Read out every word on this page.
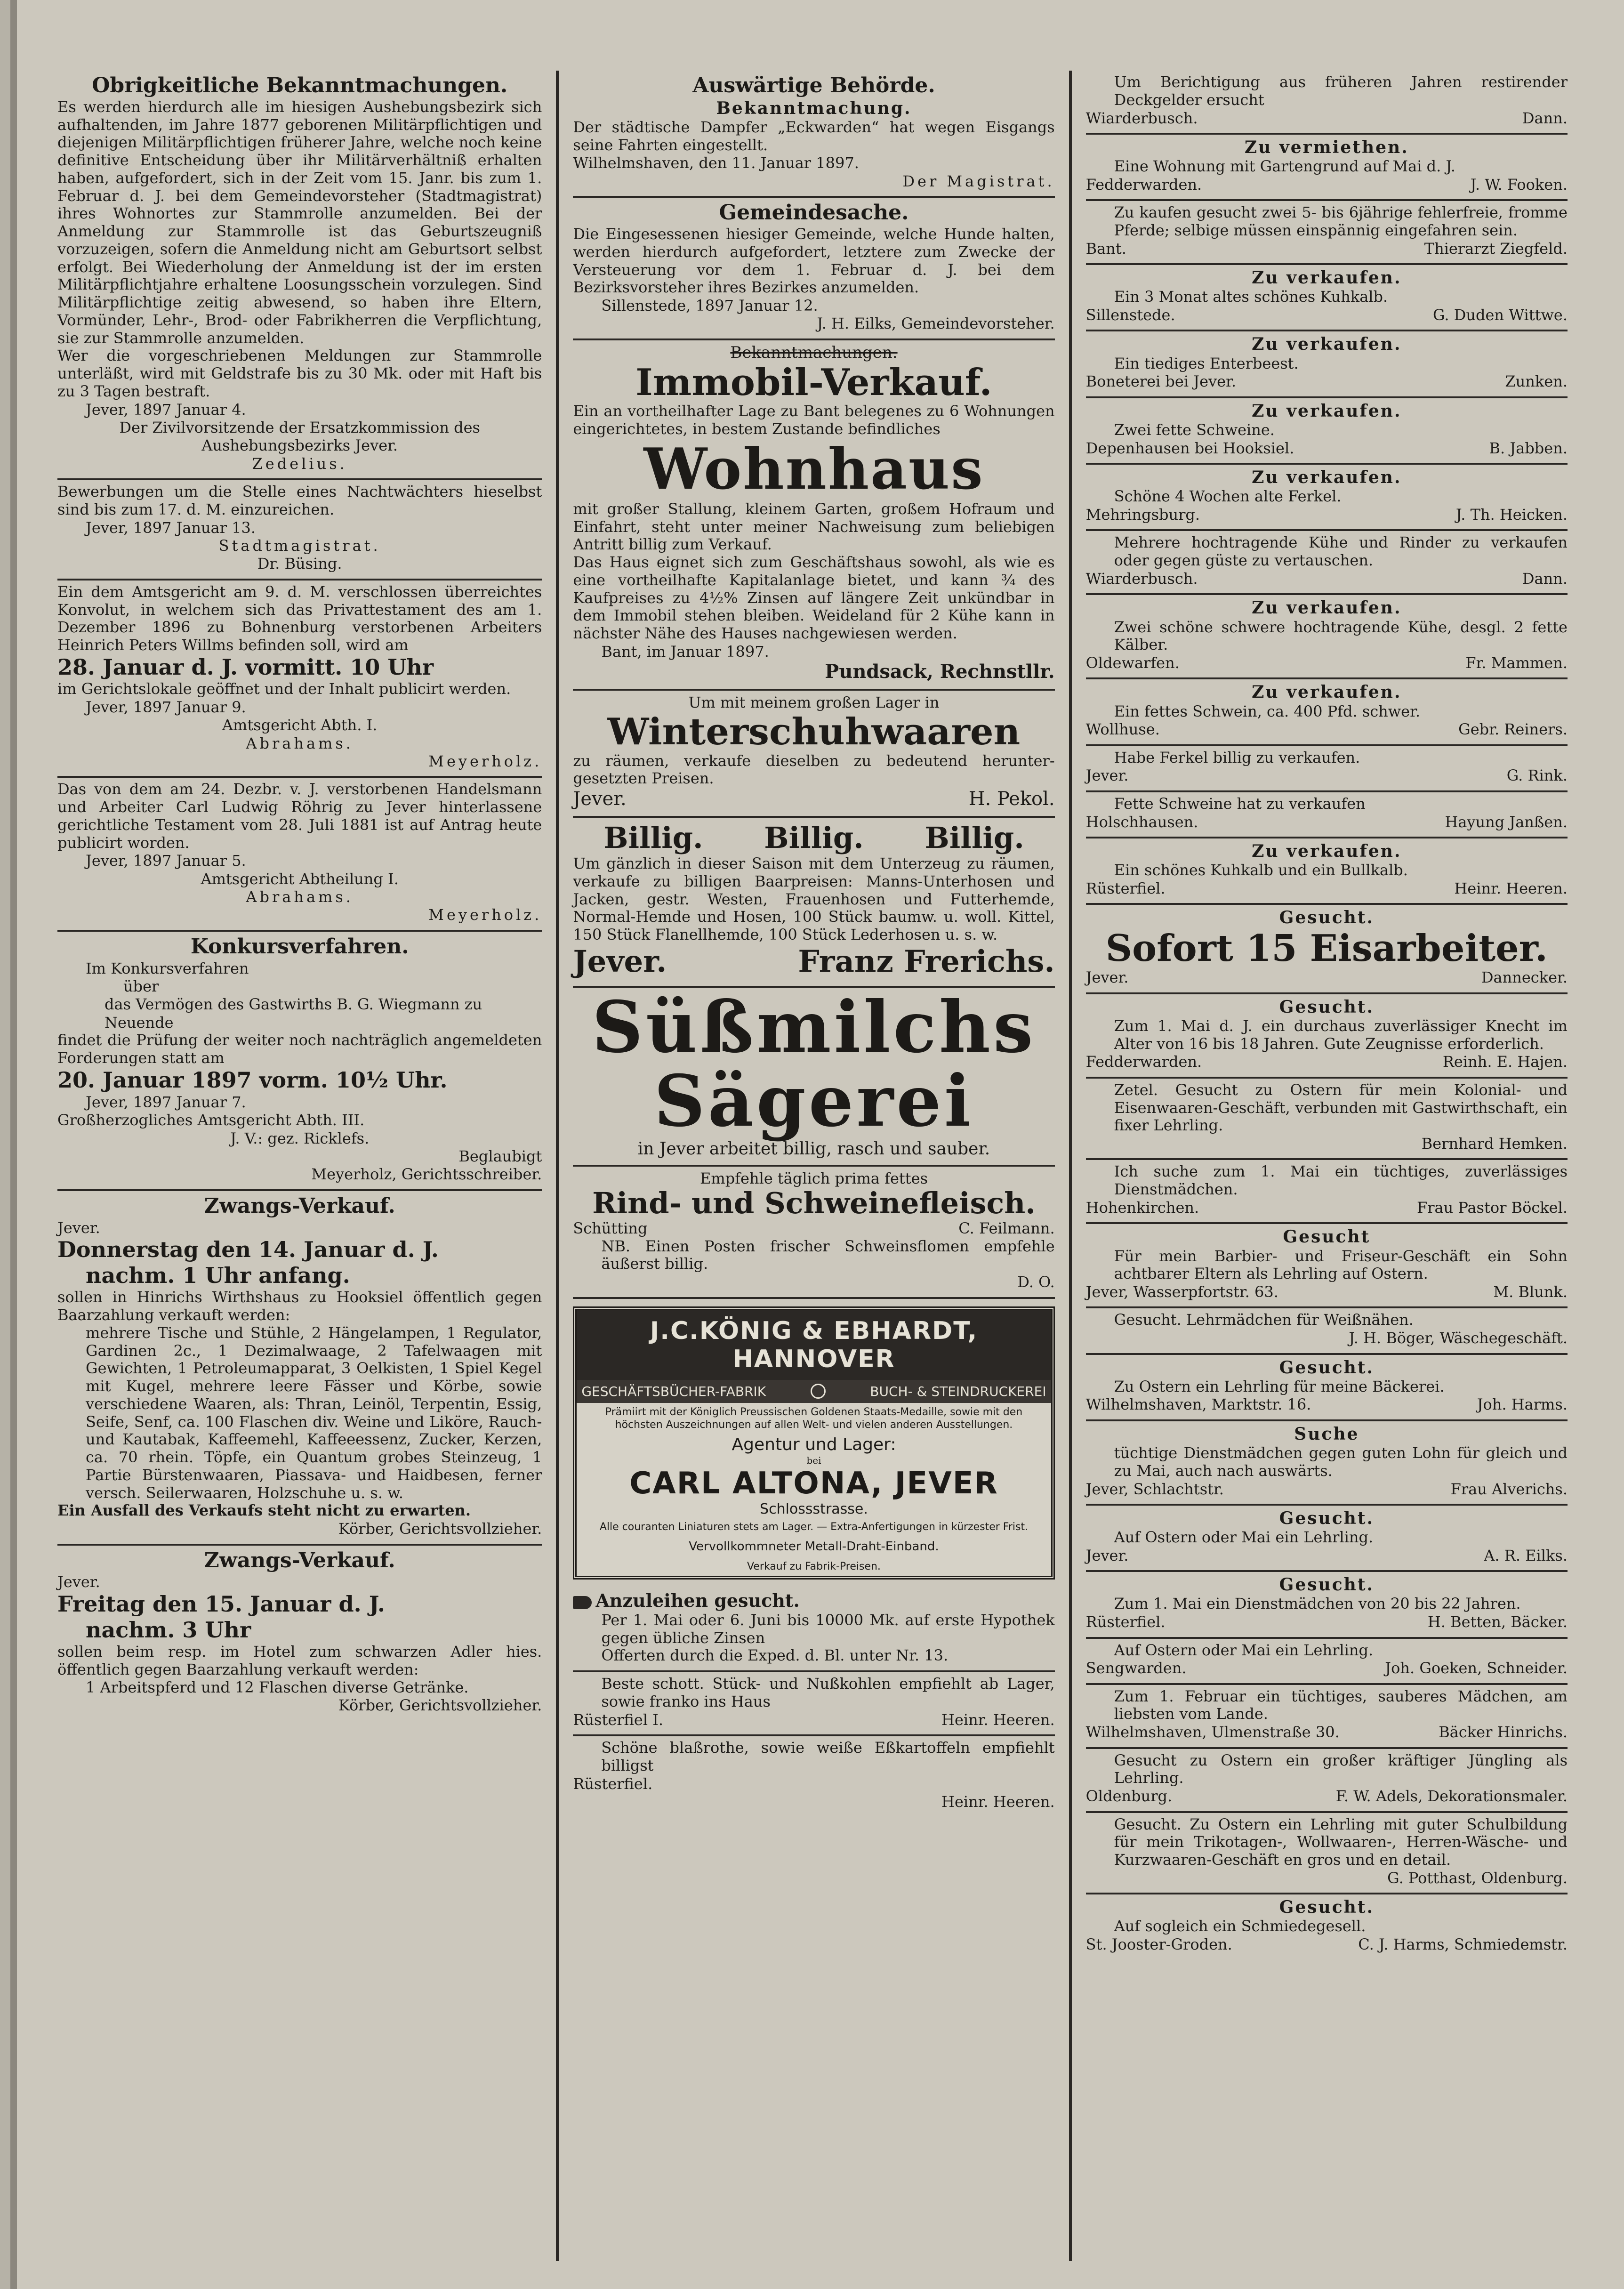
Obrigkeitliche Bekanntmachungen.
Es werden hierdurch alle im hiesigen Aushebungsbezirk sich aufhaltenden, im Jahre 1877 geborenen Militärpflichtigen und diejenigen Militärpflichtigen früherer Jahre, welche noch keine definitive Entscheidung über ihr Militärverhältniß erhalten haben, aufgefordert, sich in der Zeit vom 15. Janr. bis zum 1. Februar d. J. bei dem Gemeindevorsteher (Stadtmagistrat) ihres Wohnortes zur Stammrolle anzumelden. Bei der Anmeldung zur Stammrolle ist das Geburtszeugniß vorzuzeigen, sofern die Anmeldung nicht am Geburtsort selbst erfolgt. Bei Wiederholung der Anmeldung ist der im ersten Militärpflichtjahre erhaltene Loosungsschein vorzulegen. Sind Militärpflichtige zeitig abwesend, so haben ihre Eltern, Vormünder, Lehr-, Brod- oder Fabrikherren die Verpflichtung, sie zur Stammrolle anzumelden.
Wer die vorgeschriebenen Meldungen zur Stammrolle unterläßt, wird mit Geldstrafe bis zu 30 Mk. oder mit Haft bis zu 3 Tagen bestraft.
Jever, 1897 Januar 4.
Der Zivilvorsitzende der Ersatzkommission des Aushebungsbezirks Jever.
Zedelius.
Bewerbungen um die Stelle eines Nachtwächters hieselbst sind bis zum 17. d. M. einzureichen.
Jever, 1897 Januar 13.
Stadtmagistrat.
Dr. Büsing.
Ein dem Amtsgericht am 9. d. M. verschlossen überreichtes Konvolut, in welchem sich das Privattestament des am 1. Dezember 1896 zu Bohnenburg verstorbenen Arbeiters Heinrich Peters Willms befinden soll, wird am
28. Januar d. J. vormitt. 10 Uhr
im Gerichtslokale geöffnet und der Inhalt publicirt werden.
Jever, 1897 Januar 9.
Amtsgericht Abth. I.
Abrahams.
Meyerholz.
Das von dem am 24. Dezbr. v. J. verstorbenen Handelsmann und Arbeiter Carl Ludwig Röhrig zu Jever hinterlassene gerichtliche Testament vom 28. Juli 1881 ist auf Antrag heute publicirt worden.
Jever, 1897 Januar 5.
Amtsgericht Abtheilung I.
Abrahams.
Meyerholz.
Konkursverfahren.
Im Konkursverfahren
über
das Vermögen des Gastwirths B. G. Wiegmann zu Neuende
findet die Prüfung der weiter noch nachträglich angemeldeten Forderungen statt am
20. Januar 1897 vorm. 10½ Uhr.
Jever, 1897 Januar 7.
Großherzogliches Amtsgericht Abth. III.
J. V.: gez. Ricklefs.
Beglaubigt
Meyerholz, Gerichtsschreiber.
Zwangs-Verkauf.
Jever.
Donnerstag den 14. Januar d. J.
nachm. 1 Uhr anfang.
sollen in Hinrichs Wirthshaus zu Hooksiel öffentlich gegen Baarzahlung verkauft werden:
mehrere Tische und Stühle, 2 Hängelampen, 1 Regulator, Gardinen 2c., 1 Dezimalwaage, 2 Tafelwaagen mit Gewichten, 1 Petroleumapparat, 3 Oelkisten, 1 Spiel Kegel mit Kugel, mehrere leere Fässer und Körbe, sowie verschiedene Waaren, als: Thran, Leinöl, Terpentin, Essig, Seife, Senf, ca. 100 Flaschen div. Weine und Liköre, Rauch- und Kautabak, Kaffeemehl, Kaffeeessenz, Zucker, Kerzen, ca. 70 rhein. Töpfe, ein Quantum grobes Steinzeug, 1 Partie Bürstenwaaren, Piassava- und Haidbesen, ferner versch. Seilerwaaren, Holzschuhe u. s. w.
Ein Ausfall des Verkaufs steht nicht zu erwarten.
Körber, Gerichtsvollzieher.
Zwangs-Verkauf.
Jever.
Freitag den 15. Januar d. J.
nachm. 3 Uhr
sollen beim resp. im Hotel zum schwarzen Adler hies. öffentlich gegen Baarzahlung verkauft werden:
1 Arbeitspferd und 12 Flaschen diverse Getränke.
Körber, Gerichtsvollzieher.
Auswärtige Behörde.
Bekanntmachung.
Der städtische Dampfer „Eckwarden“ hat wegen Eisgangs seine Fahrten eingestellt.
Wilhelmshaven, den 11. Januar 1897.
Der Magistrat.
Gemeindesache.
Die Eingesessenen hiesiger Gemeinde, welche Hunde halten, werden hierdurch aufgefordert, letztere zum Zwecke der Versteuerung vor dem 1. Februar d. J. bei dem Bezirksvorsteher ihres Bezirkes anzumelden.
Sillenstede, 1897 Januar 12.
J. H. Eilks, Gemeindevorsteher.
Bekanntmachungen.
Immobil-Verkauf.
Ein an vortheilhafter Lage zu Bant belegenes zu 6 Wohnungen eingerichtetes, in bestem Zustande befindliches
Wohnhaus
mit großer Stallung, kleinem Garten, großem Hofraum und Einfahrt, steht unter meiner Nachweisung zum beliebigen Antritt billig zum Verkauf.
Das Haus eignet sich zum Geschäftshaus sowohl, als wie es eine vortheilhafte Kapitalanlage bietet, und kann ¾ des Kaufpreises zu 4½% Zinsen auf längere Zeit unkündbar in dem Immobil stehen bleiben. Weideland für 2 Kühe kann in nächster Nähe des Hauses nachgewiesen werden.
Bant, im Januar 1897.
Pundsack, Rechnstllr.
Um mit meinem großen Lager in
Winterschuhwaaren
zu räumen, verkaufe dieselben zu bedeutend herunter- gesetzten Preisen.
Jever.	H. Pekol.
Billig. Billig. Billig.
Um gänzlich in dieser Saison mit dem Unterzeug zu räumen, verkaufe zu billigen Baarpreisen: Manns-Unterhosen und Jacken, gestr. Westen, Frauenhosen und Futterhemde, Normal-Hemde und Hosen, 100 Stück baumw. u. woll. Kittel, 150 Stück Flanellhemde, 100 Stück Lederhosen u. s. w.
Jever.	Franz Frerichs.
Süßmilchs
Sägerei
in Jever arbeitet billig, rasch und sauber.
Empfehle täglich prima fettes
Rind- und Schweinefleisch.
Schütting	C. Feilmann.
NB. Einen Posten frischer Schweinsflomen empfehle äußerst billig.
D. O.
J.C.KÖNIG & EBHARDT, HANNOVER
GESCHÄFTSBÜCHER-FABRIK	BUCH- & STEINDRUCKEREI
Prämiirt mit der Königlich Preussischen Goldenen Staats-Medaille, sowie mit den höchsten Auszeichnungen auf allen Welt- und vielen anderen Ausstellungen.
Agentur und Lager:
bei
CARL ALTONA, JEVER
Schlossstrasse.
Alle couranten Liniaturen stets am Lager. — Extra-Anfertigungen in kürzester Frist.
Vervollkommneter Metall-Draht-Einband.
Verkauf zu Fabrik-Preisen.
Anzuleihen gesucht.
Per 1. Mai oder 6. Juni bis 10000 Mk. auf erste Hypothek gegen übliche Zinsen
Offerten durch die Exped. d. Bl. unter Nr. 13.
Beste schott. Stück- und Nußkohlen empfiehlt ab Lager, sowie franko ins Haus
Rüsterfiel I.	Heinr. Heeren.
Schöne blaßrothe, sowie weiße Eßkartoffeln empfiehlt billigst
Rüsterfiel.
Heinr. Heeren.
Um Berichtigung aus früheren Jahren restirender Deckgelder ersucht
Wiarderbusch.	Dann.
Zu vermiethen.
Eine Wohnung mit Gartengrund auf Mai d. J.
Fedderwarden.	J. W. Fooken.
Zu kaufen gesucht zwei 5- bis 6jährige fehlerfreie, fromme Pferde; selbige müssen einspännig eingefahren sein.
Bant.	Thierarzt Ziegfeld.
Zu verkaufen.
Ein 3 Monat altes schönes Kuhkalb.
Sillenstede.	G. Duden Wittwe.
Zu verkaufen.
Ein tiediges Enterbeest.
Boneterei bei Jever.	Zunken.
Zu verkaufen.
Zwei fette Schweine.
Depenhausen bei Hooksiel.	B. Jabben.
Zu verkaufen.
Schöne 4 Wochen alte Ferkel.
Mehringsburg.	J. Th. Heicken.
Mehrere hochtragende Kühe und Rinder zu verkaufen oder gegen güste zu vertauschen.
Wiarderbusch.	Dann.
Zu verkaufen.
Zwei schöne schwere hochtragende Kühe, desgl. 2 fette Kälber.
Oldewarfen.	Fr. Mammen.
Zu verkaufen.
Ein fettes Schwein, ca. 400 Pfd. schwer.
Wollhuse.	Gebr. Reiners.
Habe Ferkel billig zu verkaufen.
Jever.	G. Rink.
Fette Schweine hat zu verkaufen
Holschhausen.	Hayung Janßen.
Zu verkaufen.
Ein schönes Kuhkalb und ein Bullkalb.
Rüsterfiel.	Heinr. Heeren.
Gesucht.
Sofort 15 Eisarbeiter.
Jever.	Dannecker.
Gesucht.
Zum 1. Mai d. J. ein durchaus zuverlässiger Knecht im Alter von 16 bis 18 Jahren. Gute Zeugnisse erforderlich.
Fedderwarden.	Reinh. E. Hajen.
Zetel. Gesucht zu Ostern für mein Kolonial- und Eisenwaaren-Geschäft, verbunden mit Gastwirthschaft, ein fixer Lehrling.
Bernhard Hemken.
Ich suche zum 1. Mai ein tüchtiges, zuverlässiges Dienstmädchen.
Hohenkirchen.	Frau Pastor Böckel.
Gesucht
Für mein Barbier- und Friseur-Geschäft ein Sohn achtbarer Eltern als Lehrling auf Ostern.
Jever, Wasserpfortstr. 63.	M. Blunk.
Gesucht. Lehrmädchen für Weißnähen.
J. H. Böger, Wäschegeschäft.
Gesucht.
Zu Ostern ein Lehrling für meine Bäckerei.
Wilhelmshaven, Marktstr. 16.	Joh. Harms.
Suche
tüchtige Dienstmädchen gegen guten Lohn für gleich und zu Mai, auch nach auswärts.
Jever, Schlachtstr.	Frau Alverichs.
Gesucht.
Auf Ostern oder Mai ein Lehrling.
Jever.	A. R. Eilks.
Gesucht.
Zum 1. Mai ein Dienstmädchen von 20 bis 22 Jahren.
Rüsterfiel.	H. Betten, Bäcker.
Auf Ostern oder Mai ein Lehrling.
Sengwarden.	Joh. Goeken, Schneider.
Zum 1. Februar ein tüchtiges, sauberes Mädchen, am liebsten vom Lande.
Wilhelmshaven, Ulmenstraße 30.	Bäcker Hinrichs.
Gesucht zu Ostern ein großer kräftiger Jüngling als Lehrling.
Oldenburg.	F. W. Adels, Dekorationsmaler.
Gesucht. Zu Ostern ein Lehrling mit guter Schulbildung für mein Trikotagen-, Wollwaaren-, Herren-Wäsche- und Kurzwaaren-Geschäft en gros und en detail.
G. Potthast, Oldenburg.
Gesucht.
Auf sogleich ein Schmiedegesell.
St. Jooster-Groden.	C. J. Harms, Schmiedemstr.
